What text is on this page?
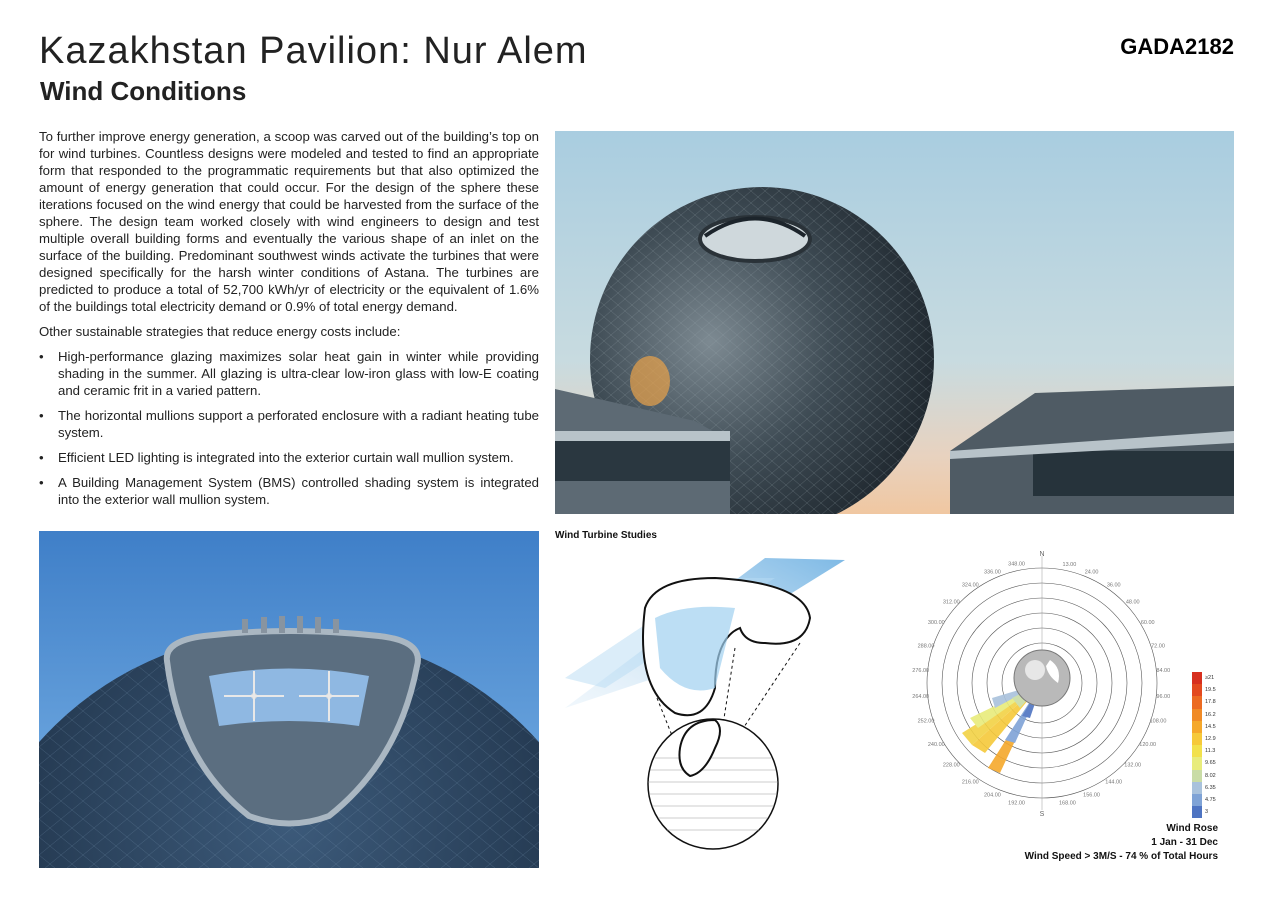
Kazakhstan Pavilion: Nur Alem
Wind Conditions
GADA2182

To further improve energy generation, a scoop was carved out of the building’s top on for wind turbines. Countless designs were modeled and tested to find an appropriate form that responded to the programmatic requirements but that also optimized the amount of energy generation that could occur. For the design of the sphere these iterations focused on the wind energy that could be harvested from the surface of the sphere. The design team worked closely with wind engineers to design and test multiple overall building forms and eventually the various shape of an inlet on the surface of the building. Predominant southwest winds activate the turbines that were designed specifically for the harsh winter conditions of Astana. The turbines are predicted to produce a total of 52,700 kWh/yr of electricity or the equivalent of 1.6% of the buildings total electricity demand or 0.9% of total energy demand.

Other sustainable strategies that reduce energy costs include:

• High-performance glazing maximizes solar heat gain in winter while providing shading in the summer. All glazing is ultra-clear low-iron glass with low-E coating and ceramic frit in a varied pattern.
• The horizontal mullions support a perforated enclosure with a radiant heating tube system.
• Efficient LED lighting is integrated into the exterior curtain wall mullion system.
• A Building Management System (BMS) controlled shading system is integrated into the exterior wall mullion system.
Wind Turbine Studies
N
S
348.00	13.00
336.00	24.00
324.00	36.00
312.00	48.00
300.00	60.00
288.00	72.00
276.00	84.00
264.00	96.00
252.00	108.00
240.00	120.00
228.00	132.00
216.00	144.00
204.00	156.00
192.00	168.00
≥21
19.5
17.8
16.2
14.5
12.9
11.3
9.65
8.02
6.35
4.75
3
Wind Rose
1 Jan - 31 Dec
Wind Speed > 3M/S - 74 % of Total Hours
